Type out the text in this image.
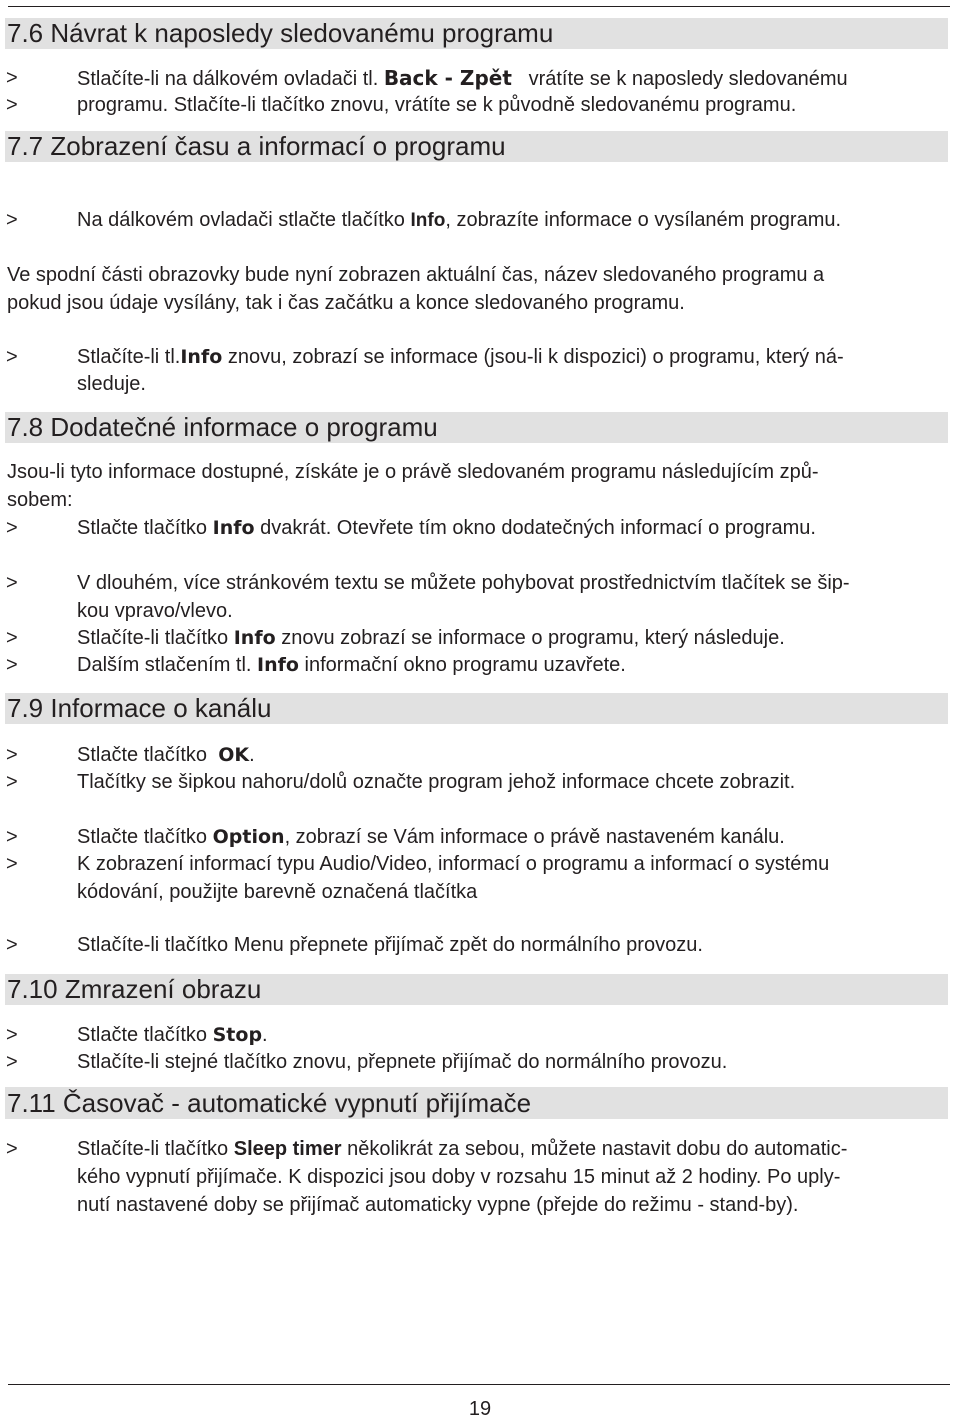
7.6 Návrat k naposledy sledovanému programu
>	Stlačíte-li na dálkovém ovladači tl. Back - Zpět vrátíte se k naposledy sledovanému
>	programu. Stlačíte-li tlačítko znovu, vrátíte se k původně sledovanému programu.
7.7 Zobrazení času a informací o programu
>	Na dálkovém ovladači stlačte tlačítko Info, zobrazíte informace o vysílaném programu.
Ve spodní části obrazovky bude nyní zobrazen aktuální čas, název sledovaného programu a
pokud jsou údaje vysílány, tak i čas začátku a konce sledovaného programu.
>	Stlačíte-li tl.Info znovu, zobrazí se informace (jsou-li k dispozici) o programu, který ná-
sleduje.
7.8 Dodatečné informace o programu
Jsou-li tyto informace dostupné, získáte je o právě sledovaném programu následujícím způ-
sobem:
>	Stlačte tlačítko Info dvakrát. Otevřete tím okno dodatečných informací o programu.
>	V dlouhém, více stránkovém textu se můžete pohybovat prostřednictvím tlačítek se šip-
kou vpravo/vlevo.
>	Stlačíte-li tlačítko Info znovu zobrazí se informace o programu, který následuje.
>	Dalším stlačením tl. Info informační okno programu uzavřete.
7.9 Informace o kanálu
>	Stlačte tlačítko OK.
>	Tlačítky se šipkou nahoru/dolů označte program jehož informace chcete zobrazit.
>	Stlačte tlačítko Option, zobrazí se Vám informace o právě nastaveném kanálu.
>	K zobrazení informací typu Audio/Video, informací o programu a informací o systému
kódování, použijte barevně označená tlačítka
>	Stlačíte-li tlačítko Menu přepnete přijímač zpět do normálního provozu.
7.10 Zmrazení obrazu
>	Stlačte tlačítko Stop.
>	Stlačíte-li stejné tlačítko znovu, přepnete přijímač do normálního provozu.
7.11 Časovač - automatické vypnutí přijímače
>	Stlačíte-li tlačítko Sleep timer několikrát za sebou, můžete nastavit dobu do automatic-
kého vypnutí přijímače. K dispozici jsou doby v rozsahu 15 minut až 2 hodiny. Po uply-
nutí nastavené doby se přijímač automaticky vypne (přejde do režimu - stand-by).
19
